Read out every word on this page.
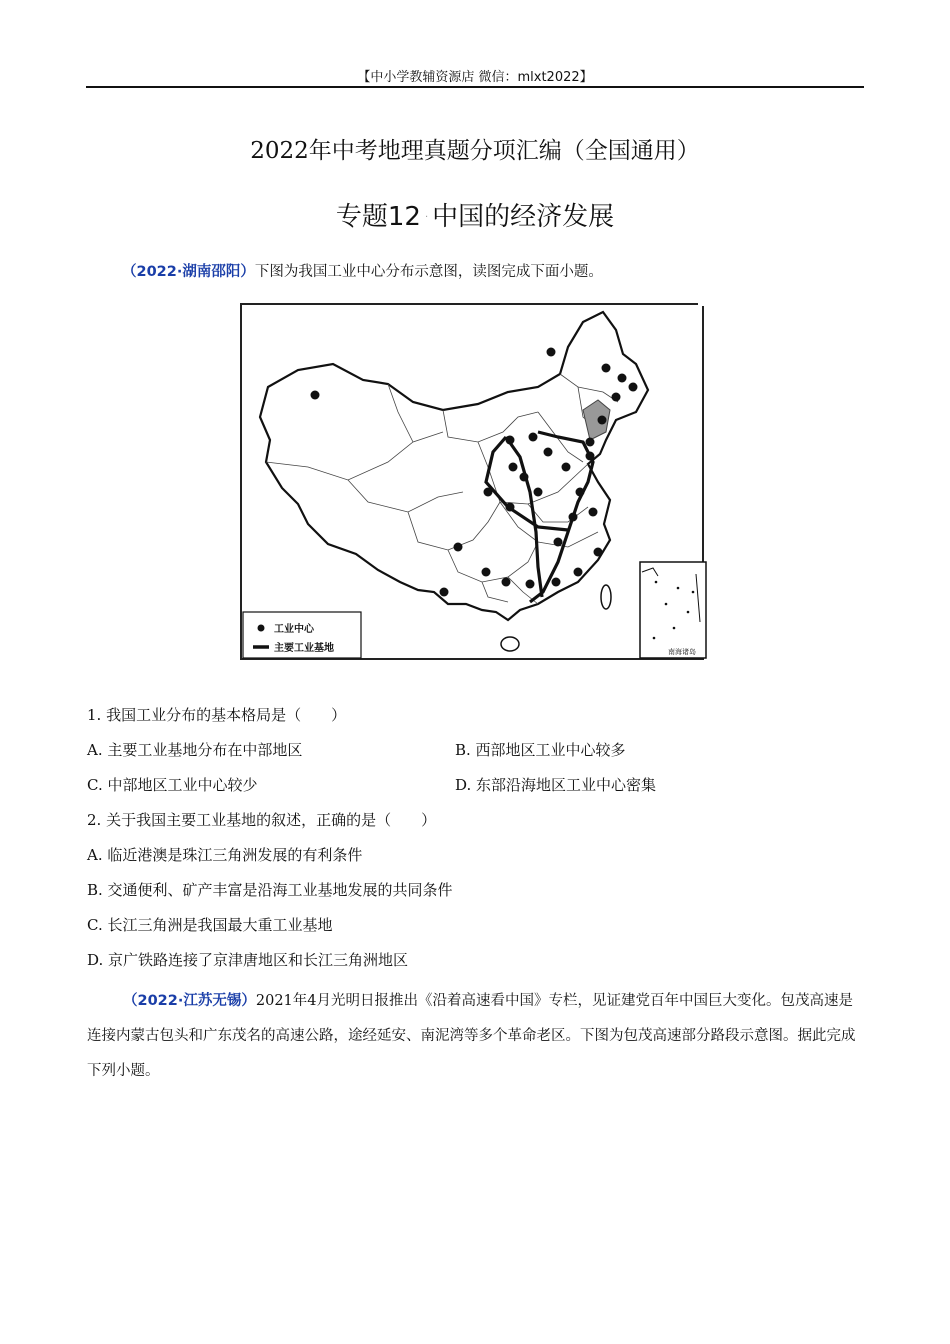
【中小学教辅资源店 微信：mlxt2022】
2022年中考地理真题分项汇编（全国通用）
专题12 · 中国的经济发展
（2022·湖南邵阳）下图为我国工业中心分布示意图，读图完成下面小题。
工业中心
主要工业基地	南海诸岛
1. 我国工业分布的基本格局是（　　）
A. 主要工业基地分布在中部地区	B. 西部地区工业中心较多
C. 中部地区工业中心较少	D. 东部沿海地区工业中心密集
2. 关于我国主要工业基地的叙述，正确的是（　　）
A. 临近港澳是珠江三角洲发展的有利条件
B. 交通便利、矿产丰富是沿海工业基地发展的共同条件
C. 长江三角洲是我国最大重工业基地
D. 京广铁路连接了京津唐地区和长江三角洲地区
（2022·江苏无锡）2021年4月光明日报推出《沿着高速看中国》专栏，见证建党百年中国巨大变化。包茂高速是连接内蒙古包头和广东茂名的高速公路，途经延安、南泥湾等多个革命老区。下图为包茂高速部分路段示意图。据此完成下列小题。
